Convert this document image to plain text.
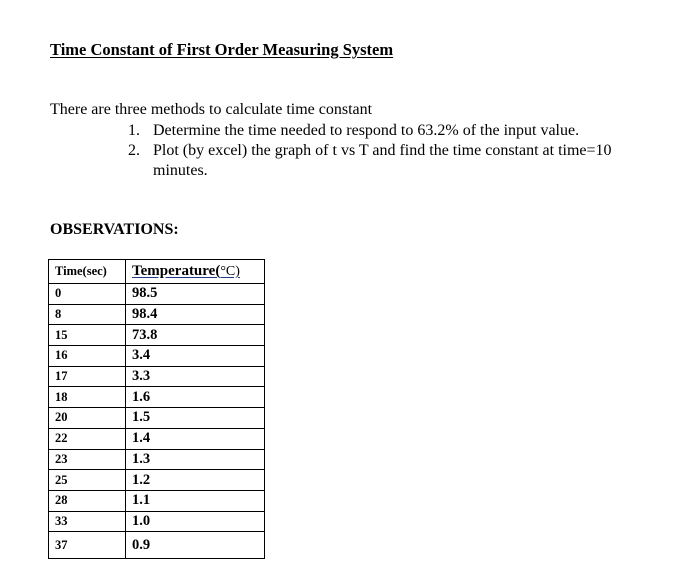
Time Constant of First Order Measuring System
There are three methods to calculate time constant
1. Determine the time needed to respond to 63.2% of the input value.
2. Plot (by excel) the graph of t vs T and find the time constant at time=10 minutes.
OBSERVATIONS:
Time(sec)	Temperature(°C)
0	98.5
8	98.4
15	73.8
16	3.4
17	3.3
18	1.6
20	1.5
22	1.4
23	1.3
25	1.2
28	1.1
33	1.0
37	0.9
